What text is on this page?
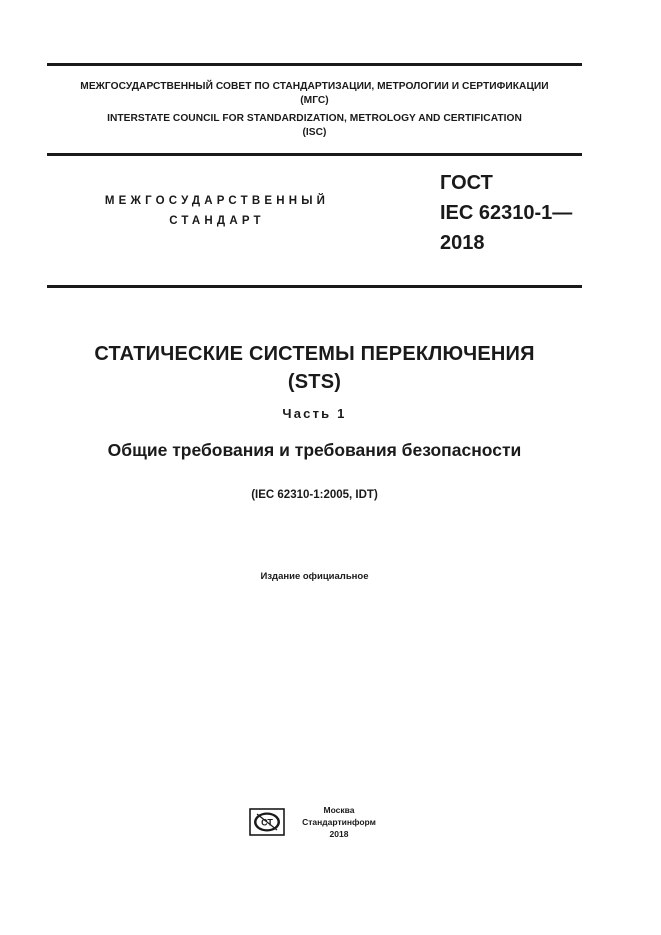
МЕЖГОСУДАРСТВЕННЫЙ СОВЕТ ПО СТАНДАРТИЗАЦИИ, МЕТРОЛОГИИ И СЕРТИФИКАЦИИ
(МГС)
INTERSTATE COUNCIL FOR STANDARDIZATION, METROLOGY AND CERTIFICATION
(ISC)
МЕЖГОСУДАРСТВЕННЫЙ
СТАНДАРТ
ГОСТ
IEC 62310-1—
2018
СТАТИЧЕСКИЕ СИСТЕМЫ ПЕРЕКЛЮЧЕНИЯ
(STS)
Часть 1
Общие требования и требования безопасности
(IEC 62310-1:2005, IDT)
Издание официальное
СТ
Москва
Стандартинформ
2018
